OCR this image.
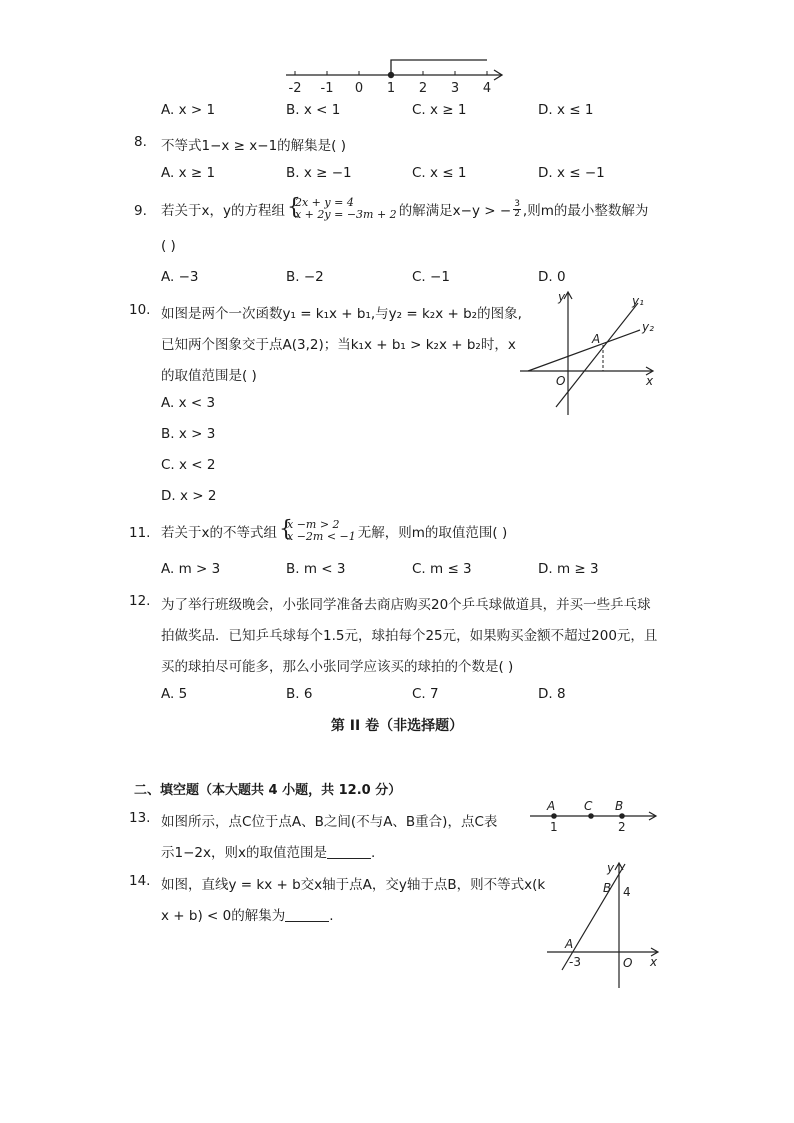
-2 -1 0 1 2 3 4
A. x > 1	B. x < 1	C. x ≥ 1	D. x ≤ 1
8. 不等式1−x ≥ x−1的解集是( )
A. x ≥ 1	B. x ≥ −1	C. x ≤ 1	D. x ≤ −1
9. 若关于x，y的方程组 {
2x + y = 4
x + 2y = −3m + 2 的解满足x−y > − $\frac{3}{2}$ ,则m的最小整数解为
( )
A. −3	B. −2	C. −1	D. 0
10. 如图是两个一次函数y₁ = k₁x + b₁,与y₂ = k₂x + b₂的图象,
已知两个图象交于点A(3,2)；当k₁x + b₁ > k₂x + b₂时，x
的取值范围是( )
A. x < 3
B. x > 3
C. x < 2
D. x > 2
y
x
O
A
y₁
y₂
11. 若关于x的不等式组 {
x −m > 2
x −2m < −1 无解，则m的取值范围( )
A. m > 3	B. m < 3	C. m ≤ 3	D. m ≥ 3
12. 为了举行班级晚会，小张同学准备去商店购买20个乒乓球做道具，并买一些乒乓球
拍做奖品．已知乒乓球每个1.5元，球拍每个25元，如果购买金额不超过200元，且
买的球拍尽可能多，那么小张同学应该买的球拍的个数是( )
A. 5	B. 6	C. 7	D. 8
第 II 卷（非选择题）
二、填空题（本大题共 4 小题，共 12.0 分）
13. 如图所示，点C位于点A、B之间(不与A、B重合)，点C表
示1−2x，则x的取值范围是	.
A C B
1	2
14. 如图，直线y = kx + b交x轴于点A，交y轴于点B，则不等式x(k
x + b) < 0的解集为	.
y
x
O
A
B
-3
4
